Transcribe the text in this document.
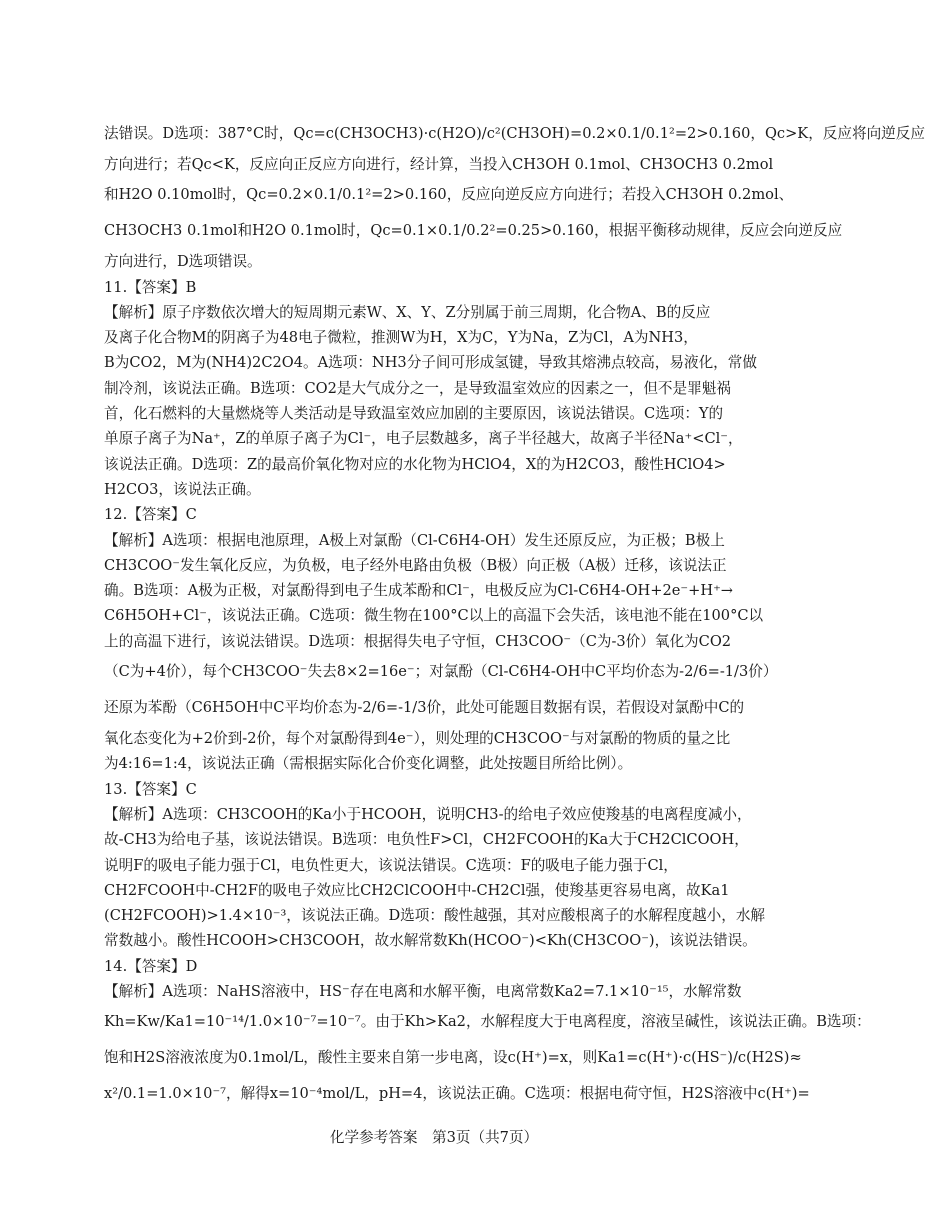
法错误。D选项：387°C时，Qc=c(CH3OCH3)·c(H2O)/c²(CH3OH)=0.2×0.1/0.1²=2>0.160，Qc>K，反应将向逆反应
方向进行；若Qc<K，反应向正反应方向进行，经计算，当投入CH3OH 0.1mol、CH3OCH3 0.2mol
和H2O 0.10mol时，Qc=0.2×0.1/0.1²=2>0.160，反应向逆反应方向进行；若投入CH3OH 0.2mol、
CH3OCH3 0.1mol和H2O 0.1mol时，Qc=0.1×0.1/0.2²=0.25>0.160，根据平衡移动规律，反应会向逆反应
方向进行，D选项错误。
11.【答案】B
【解析】原子序数依次增大的短周期元素W、X、Y、Z分别属于前三周期，化合物A、B的反应
及离子化合物M的阴离子为48电子微粒，推测W为H，X为C，Y为Na，Z为Cl，A为NH3，
B为CO2，M为(NH4)2C2O4。A选项：NH3分子间可形成氢键，导致其熔沸点较高，易液化，常做
制冷剂，该说法正确。B选项：CO2是大气成分之一，是导致温室效应的因素之一，但不是罪魁祸
首，化石燃料的大量燃烧等人类活动是导致温室效应加剧的主要原因，该说法错误。C选项：Y的
单原子离子为Na⁺，Z的单原子离子为Cl⁻，电子层数越多，离子半径越大，故离子半径Na⁺<Cl⁻，
该说法正确。D选项：Z的最高价氧化物对应的水化物为HClO4，X的为H2CO3，酸性HClO4>
H2CO3，该说法正确。
12.【答案】C
【解析】A选项：根据电池原理，A极上对氯酚（Cl-C6H4-OH）发生还原反应，为正极；B极上
CH3COO⁻发生氧化反应，为负极，电子经外电路由负极（B极）向正极（A极）迁移，该说法正
确。B选项：A极为正极，对氯酚得到电子生成苯酚和Cl⁻，电极反应为Cl-C6H4-OH+2e⁻+H⁺→
C6H5OH+Cl⁻，该说法正确。C选项：微生物在100°C以上的高温下会失活，该电池不能在100°C以
上的高温下进行，该说法错误。D选项：根据得失电子守恒，CH3COO⁻（C为-3价）氧化为CO2
（C为+4价），每个CH3COO⁻失去8×2=16e⁻；对氯酚（Cl-C6H4-OH中C平均价态为-2/6=-1/3价）
还原为苯酚（C6H5OH中C平均价态为-2/6=-1/3价，此处可能题目数据有误，若假设对氯酚中C的
氧化态变化为+2价到-2价，每个对氯酚得到4e⁻），则处理的CH3COO⁻与对氯酚的物质的量之比
为4:16=1:4，该说法正确（需根据实际化合价变化调整，此处按题目所给比例）。
13.【答案】C
【解析】A选项：CH3COOH的Ka小于HCOOH，说明CH3-的给电子效应使羧基的电离程度减小，
故-CH3为给电子基，该说法错误。B选项：电负性F>Cl，CH2FCOOH的Ka大于CH2ClCOOH，
说明F的吸电子能力强于Cl，电负性更大，该说法错误。C选项：F的吸电子能力强于Cl，
CH2FCOOH中-CH2F的吸电子效应比CH2ClCOOH中-CH2Cl强，使羧基更容易电离，故Ka1
(CH2FCOOH)>1.4×10⁻³，该说法正确。D选项：酸性越强，其对应酸根离子的水解程度越小，水解
常数越小。酸性HCOOH>CH3COOH，故水解常数Kh(HCOO⁻)<Kh(CH3COO⁻)，该说法错误。
14.【答案】D
【解析】A选项：NaHS溶液中，HS⁻存在电离和水解平衡，电离常数Ka2=7.1×10⁻¹⁵，水解常数
Kh=Kw/Ka1=10⁻¹⁴/1.0×10⁻⁷=10⁻⁷。由于Kh>Ka2，水解程度大于电离程度，溶液呈碱性，该说法正确。B选项：
饱和H2S溶液浓度为0.1mol/L，酸性主要来自第一步电离，设c(H⁺)=x，则Ka1=c(H⁺)·c(HS⁻)/c(H2S)≈
x²/0.1=1.0×10⁻⁷，解得x=10⁻⁴mol/L，pH=4，该说法正确。C选项：根据电荷守恒，H2S溶液中c(H⁺)=
化学参考答案　第3页（共7页）
